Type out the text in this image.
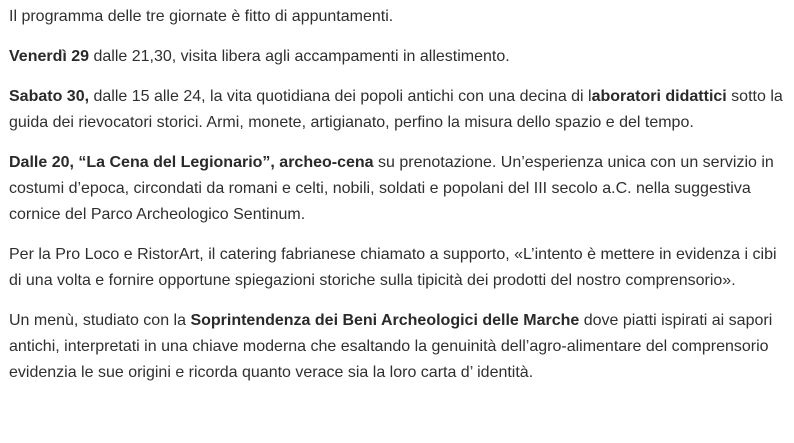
Il programma delle tre giornate è fitto di appuntamenti.

Venerdì 29 dalle 21,30, visita libera agli accampamenti in allestimento.

Sabato 30, dalle 15 alle 24, la vita quotidiana dei popoli antichi con una decina di laboratori didattici sotto la guida dei rievocatori storici. Armi, monete, artigianato, perfino la misura dello spazio e del tempo.

Dalle 20, “La Cena del Legionario”, archeo-cena su prenotazione. Un’esperienza unica con un servizio in costumi d’epoca, circondati da romani e celti, nobili, soldati e popolani del III secolo a.C. nella suggestiva cornice del Parco Archeologico Sentinum.

Per la Pro Loco e RistorArt, il catering fabrianese chiamato a supporto, «L’intento è mettere in evidenza i cibi di una volta e fornire opportune spiegazioni storiche sulla tipicità dei prodotti del nostro comprensorio».

Un menù, studiato con la Soprintendenza dei Beni Archeologici delle Marche dove piatti ispirati ai sapori antichi, interpretati in una chiave moderna che esaltando la genuinità dell’agro-alimentare del comprensorio evidenzia le sue origini e ricorda quanto verace sia la loro carta d’ identità.
